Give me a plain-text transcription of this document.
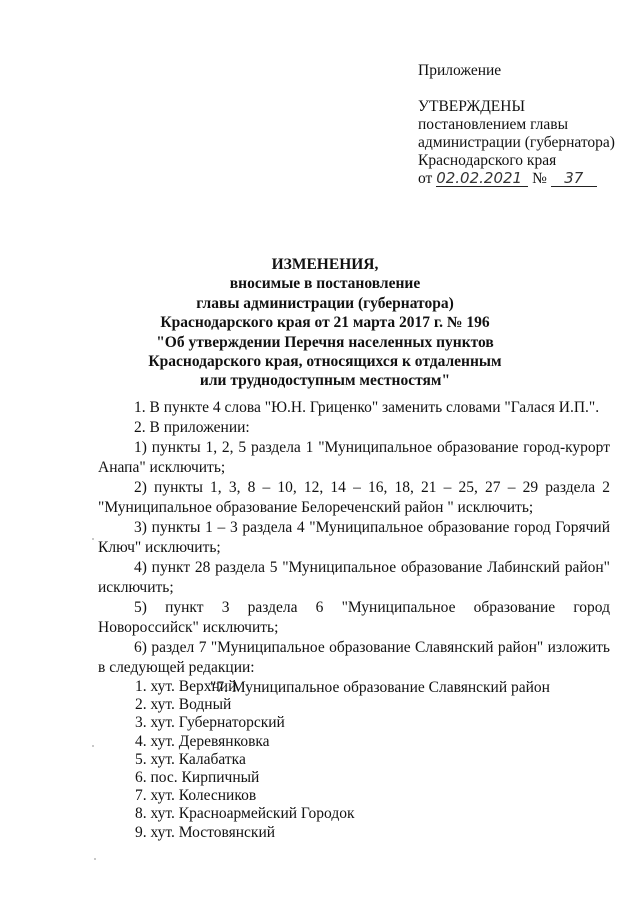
Приложение
УТВЕРЖДЕНЫ
постановлением главы
администрации (губернатора)
Краснодарского края
от 02.02.2021 № 37
ИЗМЕНЕНИЯ,
вносимые в постановление
главы администрации (губернатора)
Краснодарского края от 21 марта 2017 г. № 196
"Об утверждении Перечня населенных пунктов
Краснодарского края, относящихся к отдаленным
или труднодоступным местностям"

1. В пункте 4 слова "Ю.Н. Гриценко" заменить словами "Галася И.П.".

2. В приложении:

1) пункты 1, 2, 5 раздела 1 "Муниципальное образование город-курорт Анапа" исключить;

2) пункты 1, 3, 8 – 10, 12, 14 – 16, 18, 21 – 25, 27 – 29 раздела 2 "Муниципальное образование Белореченский район " исключить;

3) пункты 1 – 3 раздела 4 "Муниципальное образование город Горячий Ключ" исключить;

4) пункт 28 раздела 5 "Муниципальное образование Лабинский район" исключить;

5) пункт 3 раздела 6 "Муниципальное образование город Новороссийск" исключить;

6) раздел 7 "Муниципальное образование Славянский район" изложить в следующей редакции:

"7. Муниципальное образование Славянский район

1. хут. Верхний
2. хут. Водный
3. хут. Губернаторский
4. хут. Деревянковка
5. хут. Калабатка
6. пос. Кирпичный
7. хут. Колесников
8. хут. Красноармейский Городок
9. хут. Мостовянский
